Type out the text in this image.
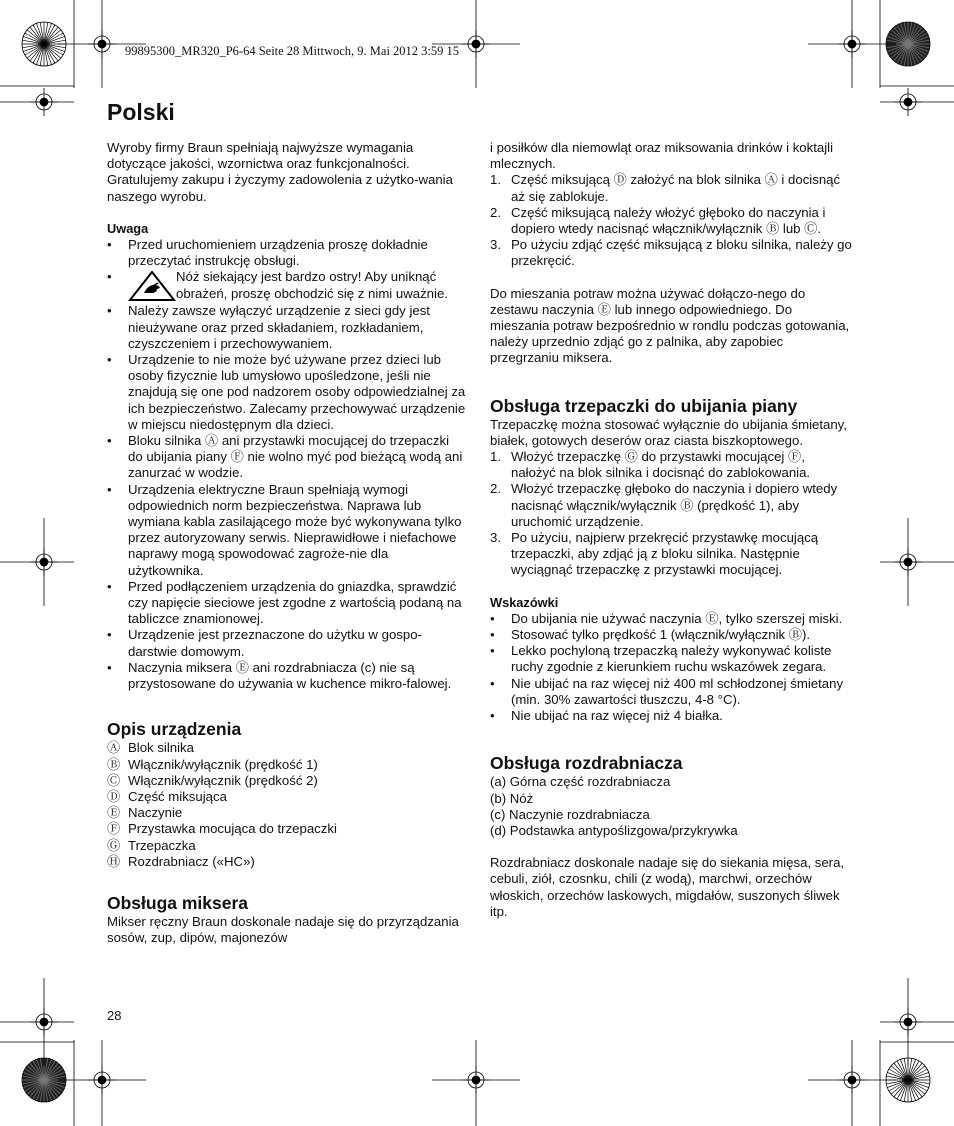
99895300_MR320_P6-64 Seite 28 Mittwoch, 9. Mai 2012 3:59 15
Polski

Wyroby firmy Braun spełniają najwyższe wymagania dotyczące jakości, wzornictwa oraz funkcjonalności. Gratulujemy zakupu i życzymy zadowolenia z użytko-wania naszego wyrobu.

Uwaga

• Przed uruchomieniem urządzenia proszę dokładnie przeczytać instrukcję obsługi.
• Nóż siekający jest bardzo ostry! Aby uniknąć obrażeń, proszę obchodzić się z nimi uważnie.
• Należy zawsze wyłączyć urządzenie z sieci gdy jest nieużywane oraz przed składaniem, rozkładaniem, czyszczeniem i przechowywaniem.
• Urządzenie to nie może być używane przez dzieci lub osoby fizycznie lub umysłowo upośledzone, jeśli nie znajdują się one pod nadzorem osoby odpowiedzialnej za ich bezpieczeństwo. Zalecamy przechowywać urządzenie w miejscu niedostępnym dla dzieci.
• Bloku silnika Ⓐ ani przystawki mocującej do trzepaczki do ubijania piany Ⓕ nie wolno myć pod bieżącą wodą ani zanurzać w wodzie.
• Urządzenia elektryczne Braun spełniają wymogi odpowiednich norm bezpieczeństwa. Naprawa lub wymiana kabla zasilającego może być wykonywana tylko przez autoryzowany serwis. Nieprawidłowe i niefachowe naprawy mogą spowodować zagroże-nie dla użytkownika.
• Przed podłączeniem urządzenia do gniazdka, sprawdzić czy napięcie sieciowe jest zgodne z wartością podaną na tabliczce znamionowej.
• Urządzenie jest przeznaczone do użytku w gospo-darstwie domowym.
• Naczynia miksera Ⓔ ani rozdrabniacza (c) nie są przystosowane do używania w kuchence mikro-falowej.
Opis urządzenia
Ⓐ Blok silnika
Ⓑ Włącznik/wyłącznik (prędkość 1)
Ⓒ Włącznik/wyłącznik (prędkość 2)
Ⓓ Część miksująca
Ⓔ Naczynie
Ⓕ Przystawka mocująca do trzepaczki
Ⓖ Trzepaczka
Ⓗ Rozdrabniacz («HC»)
Obsługa miksera

Mikser ręczny Braun doskonale nadaje się do przyrządzania sosów, zup, dipów, majonezów

i posiłków dla niemowląt oraz miksowania drinków i koktajli mlecznych.

1. Część miksującą Ⓓ założyć na blok silnika Ⓐ i docisnąć aż się zablokuje.
2. Część miksującą należy włożyć głęboko do naczynia i dopiero wtedy nacisnąć włącznik/wyłącznik Ⓑ lub Ⓒ.
3. Po użyciu zdjąć część miksującą z bloku silnika, należy go przekręcić.

Do mieszania potraw można używać dołączo-nego do zestawu naczynia Ⓔ lub innego odpowiedniego. Do mieszania potraw bezpośrednio w rondlu podczas gotowania, należy uprzednio zdjąć go z palnika, aby zapobiec przegrzaniu miksera.

Obsługa trzepaczki do ubijania piany

Trzepaczkę można stosować wyłącznie do ubijania śmietany, białek, gotowych deserów oraz ciasta biszkoptowego.

1. Włożyć trzepaczkę Ⓖ do przystawki mocującej Ⓕ, nałożyć na blok silnika i docisnąć do zablokowania.
2. Włożyć trzepaczkę głęboko do naczynia i dopiero wtedy nacisnąć włącznik/wyłącznik Ⓑ (prędkość 1), aby uruchomić urządzenie.
3. Po użyciu, najpierw przekręcić przystawkę mocującą trzepaczki, aby zdjąć ją z bloku silnika. Następnie wyciągnąć trzepaczkę z przystawki mocującej.

Wskazówki

• Do ubijania nie używać naczynia Ⓔ, tylko szerszej miski.
• Stosować tylko prędkość 1 (włącznik/wyłącznik Ⓑ).
• Lekko pochyloną trzepaczką należy wykonywać koliste ruchy zgodnie z kierunkiem ruchu wskazówek zegara.
• Nie ubijać na raz więcej niż 400 ml schłodzonej śmietany (min. 30% zawartości tłuszczu, 4-8 °C).
• Nie ubijać na raz więcej niż 4 białka.
Obsługa rozdrabniacza

(a) Górna część rozdrabniacza

(b) Nóż

(c) Naczynie rozdrabniacza

(d) Podstawka antypoślizgowa/przykrywka

Rozdrabniacz doskonale nadaje się do siekania mięsa, sera, cebuli, ziół, czosnku, chili (z wodą), marchwi, orzechów włoskich, orzechów laskowych, migdałów, suszonych śliwek itp.

28
